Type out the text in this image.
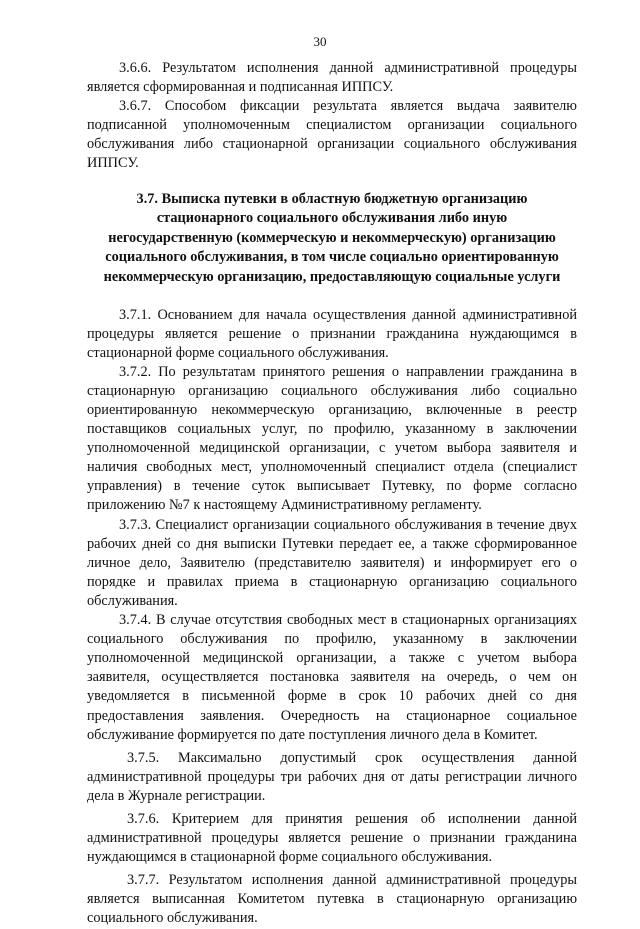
30

3.6.6. Результатом исполнения данной административной процедуры является сформированная и подписанная ИППСУ.

3.6.7. Способом фиксации результата является выдача заявителю подписанной уполномоченным специалистом организации социального обслуживания либо стационарной организации социального обслуживания ИППСУ.

3.7. Выписка путевки в областную бюджетную организацию стационарного социального обслуживания либо иную негосударственную (коммерческую и некоммерческую) организацию социального обслуживания, в том числе социально ориентированную некоммерческую организацию, предоставляющую социальные услуги

3.7.1. Основанием для начала осуществления данной административной процедуры является решение о признании гражданина нуждающимся в стационарной форме социального обслуживания.

3.7.2. По результатам принятого решения о направлении гражданина в стационарную организацию социального обслуживания либо социально ориентированную некоммерческую организацию, включенные в реестр поставщиков социальных услуг, по профилю, указанному в заключении уполномоченной медицинской организации, с учетом выбора заявителя и наличия свободных мест, уполномоченный специалист отдела (специалист управления) в течение суток выписывает Путевку, по форме согласно приложению №7 к настоящему Административному регламенту.

3.7.3. Специалист организации социального обслуживания в течение двух рабочих дней со дня выписки Путевки передает ее, а также сформированное личное дело, Заявителю (представителю заявителя) и информирует его о порядке и правилах приема в стационарную организацию социального обслуживания.

3.7.4. В случае отсутствия свободных мест в стационарных организациях социального обслуживания по профилю, указанному в заключении уполномоченной медицинской организации, а также с учетом выбора заявителя, осуществляется постановка заявителя на очередь, о чем он уведомляется в письменной форме в срок 10 рабочих дней со дня предоставления заявления. Очередность на стационарное социальное обслуживание формируется по дате поступления личного дела в Комитет.

3.7.5. Максимально допустимый срок осуществления данной административной процедуры три рабочих дня от даты регистрации личного дела в Журнале регистрации.

3.7.6. Критерием для принятия решения об исполнении данной административной процедуры является решение о признании гражданина нуждающимся в стационарной форме социального обслуживания.

3.7.7. Результатом исполнения данной административной процедуры является выписанная Комитетом путевка в стационарную организацию социального обслуживания.
